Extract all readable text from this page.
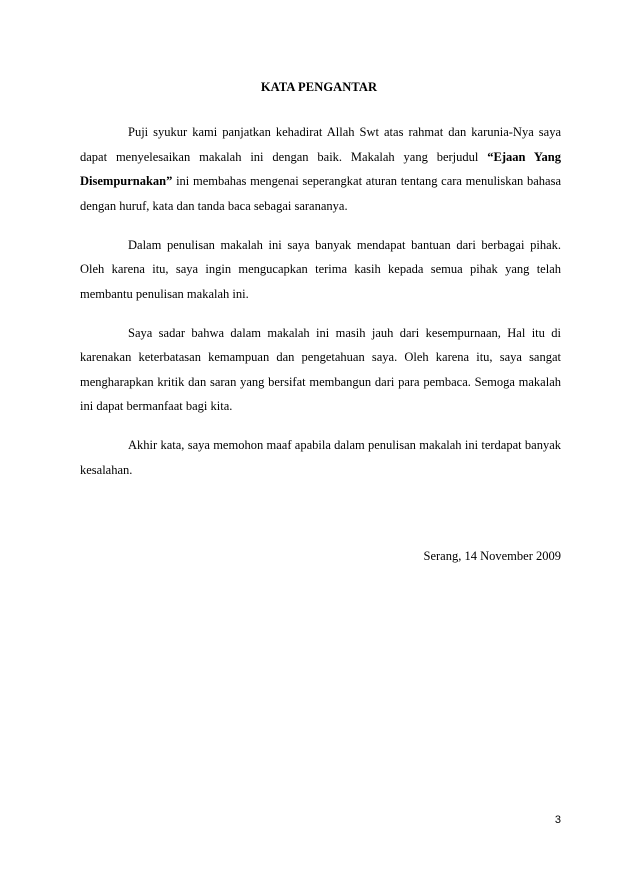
KATA PENGANTAR

Puji syukur kami panjatkan kehadirat Allah Swt atas rahmat dan karunia-Nya saya dapat menyelesaikan makalah ini dengan baik. Makalah yang berjudul “Ejaan Yang Disempurnakan” ini membahas mengenai seperangkat aturan tentang cara menuliskan bahasa dengan huruf, kata dan tanda baca sebagai sarananya.

Dalam penulisan makalah ini saya banyak mendapat bantuan dari berbagai pihak. Oleh karena itu, saya ingin mengucapkan terima kasih kepada semua pihak yang telah membantu penulisan makalah ini.

Saya sadar bahwa dalam makalah ini masih jauh dari kesempurnaan, Hal itu di karenakan keterbatasan kemampuan dan pengetahuan saya. Oleh karena itu, saya sangat mengharapkan kritik dan saran yang bersifat membangun dari para pembaca. Semoga makalah ini dapat bermanfaat bagi kita.

Akhir kata, saya memohon maaf apabila dalam penulisan makalah ini terdapat banyak kesalahan.

Serang, 14 November 2009
3
